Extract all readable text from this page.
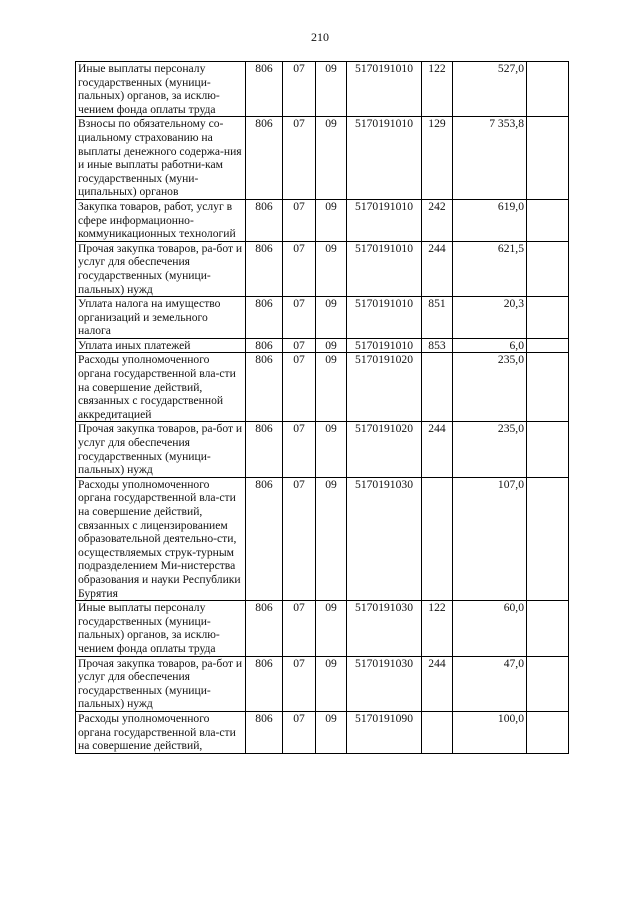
210
Иные выплаты персоналу государственных (муници-пальных) органов, за исклю-чением фонда оплаты труда	806	07	09	5170191010	122	527,0	
Взносы по обязательному со-циальному страхованию на выплаты денежного содержа-ния и иные выплаты работни-кам государственных (муни-ципальных) органов	806	07	09	5170191010	129	7 353,8	
Закупка товаров, работ, услуг в сфере информационно-коммуникационных технологий	806	07	09	5170191010	242	619,0	
Прочая закупка товаров, ра-бот и услуг для обеспечения государственных (муници-пальных) нужд	806	07	09	5170191010	244	621,5	
Уплата налога на имущество организаций и земельного налога	806	07	09	5170191010	851	20,3	
Уплата иных платежей	806	07	09	5170191010	853	6,0	
Расходы уполномоченного органа государственной вла-сти на совершение действий, связанных с государственной аккредитацией	806	07	09	5170191020		235,0	
Прочая закупка товаров, ра-бот и услуг для обеспечения государственных (муници-пальных) нужд	806	07	09	5170191020	244	235,0	
Расходы уполномоченного органа государственной вла-сти на совершение действий, связанных с лицензированием образовательной деятельно-сти, осуществляемых струк-турным подразделением Ми-нистерства образования и науки Республики Бурятия	806	07	09	5170191030		107,0	
Иные выплаты персоналу государственных (муници-пальных) органов, за исклю-чением фонда оплаты труда	806	07	09	5170191030	122	60,0	
Прочая закупка товаров, ра-бот и услуг для обеспечения государственных (муници-пальных) нужд	806	07	09	5170191030	244	47,0	
Расходы уполномоченного органа государственной вла-сти на совершение действий,	806	07	09	5170191090		100,0	
